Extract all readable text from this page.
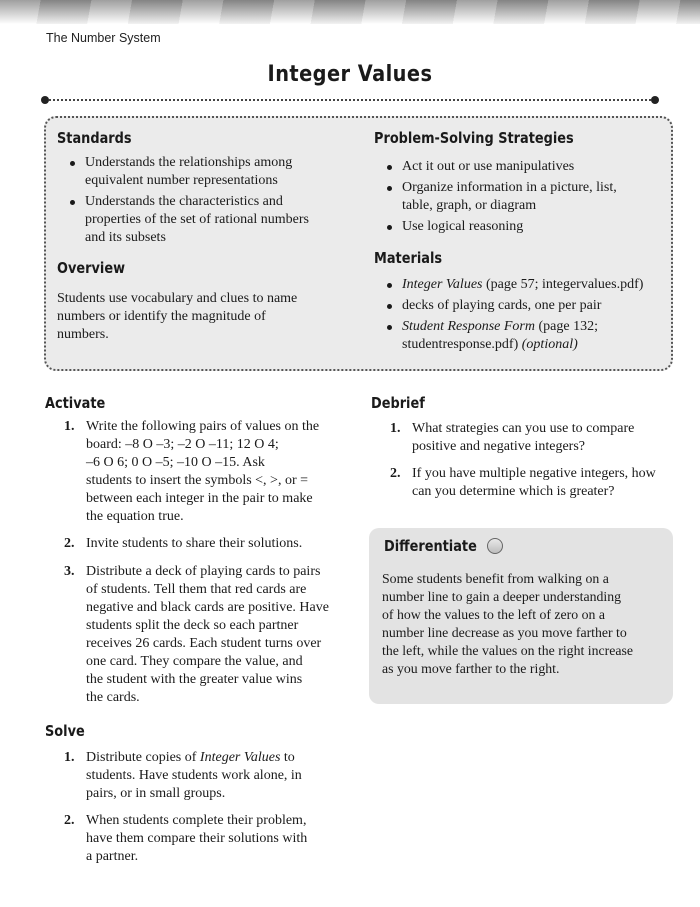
The Number System
Integer Values
Standards
Understands the relationships among
equivalent number representations
Understands the characteristics and
properties of the set of rational numbers
and its subsets
Overview
Students use vocabulary and clues to name
numbers or identify the magnitude of
numbers.
Problem-Solving Strategies
Act it out or use manipulatives
Organize information in a picture, list,
table, graph, or diagram
Use logical reasoning
Materials
Integer Values (page 57; integervalues.pdf)
decks of playing cards, one per pair
Student Response Form (page 132;
studentresponse.pdf) (optional)
Activate
1. Write the following pairs of values on the
board: –8 O –3; –2 O –11; 12 O 4;
–6 O 6; 0 O –5; –10 O –15. Ask
students to insert the symbols <, >, or =
between each integer in the pair to make
the equation true.
2. Invite students to share their solutions.
3. Distribute a deck of playing cards to pairs
of students. Tell them that red cards are
negative and black cards are positive. Have
students split the deck so each partner
receives 26 cards. Each student turns over
one card. They compare the value, and
the student with the greater value wins
the cards.
Solve
1. Distribute copies of Integer Values to
students. Have students work alone, in
pairs, or in small groups.
2. When students complete their problem,
have them compare their solutions with
a partner.
Debrief
1. What strategies can you use to compare
positive and negative integers?
2. If you have multiple negative integers, how
can you determine which is greater?
Differentiate
Some students benefit from walking on a
number line to gain a deeper understanding
of how the values to the left of zero on a
number line decrease as you move farther to
the left, while the values on the right increase
as you move farther to the right.
